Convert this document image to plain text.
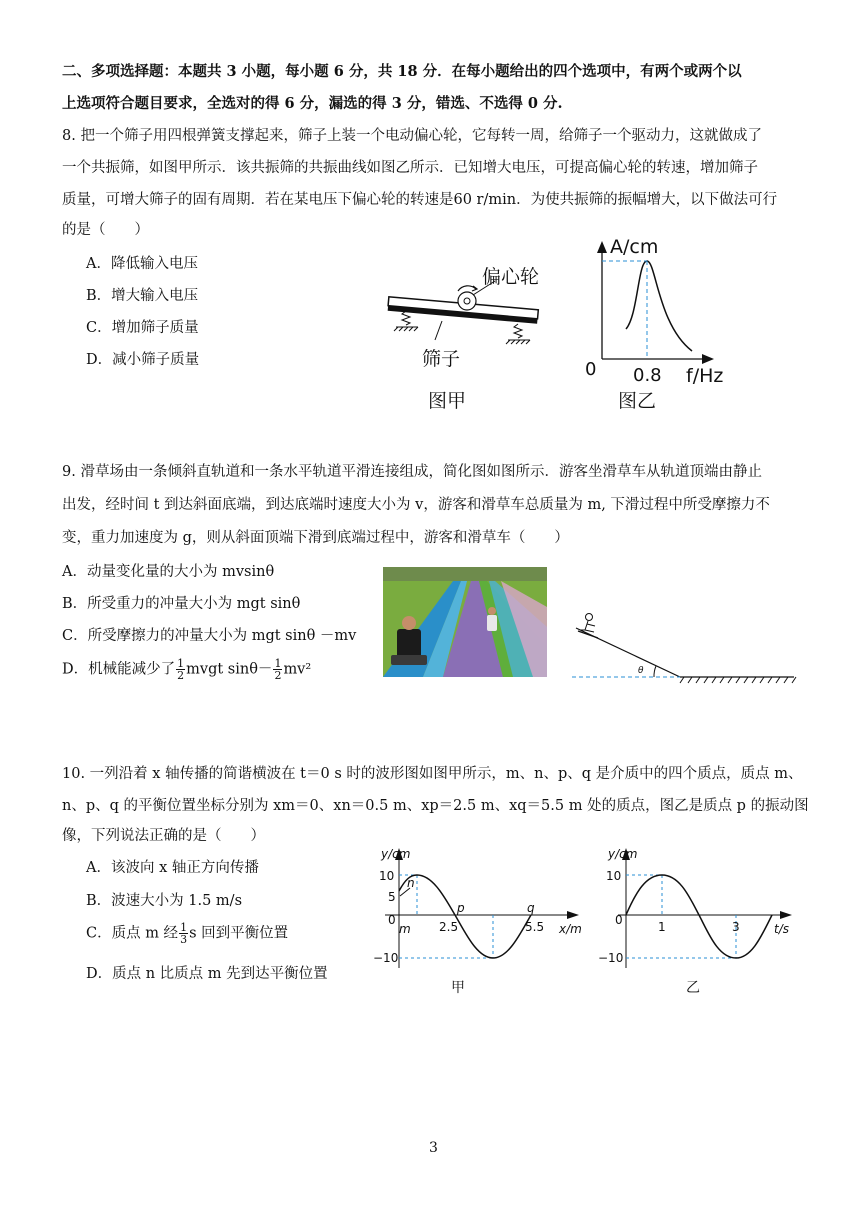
二、多项选择题：本题共 3 小题，每小题 6 分，共 18 分．在每小题给出的四个选项中，有两个或两个以
上选项符合题目要求，全选对的得 6 分，漏选的得 3 分，错选、不选得 0 分.
8. 把一个筛子用四根弹簧支撑起来，筛子上装一个电动偏心轮，它每转一周，给筛子一个驱动力，这就做成了
一个共振筛，如图甲所示．该共振筛的共振曲线如图乙所示．已知增大电压，可提高偏心轮的转速，增加筛子
质量，可增大筛子的固有周期．若在某电压下偏心轮的转速是60 r/min．为使共振筛的振幅增大，以下做法可行
的是（　　）
A．降低输入电压
B．增大输入电压
C．增加筛子质量
D．减小筛子质量
偏心轮
筛子
图甲
A/cm
0 0.8 f/Hz
图乙
9. 滑草场由一条倾斜直轨道和一条水平轨道平滑连接组成，简化图如图所示．游客坐滑草车从轨道顶端由静止
出发，经时间 t 到达斜面底端，到达底端时速度大小为 v，游客和滑草车总质量为 m, 下滑过程中所受摩擦力不
变，重力加速度为 g，则从斜面顶端下滑到底端过程中，游客和滑草车（　　）
A．动量变化量的大小为 mvsinθ
B．所受重力的冲量大小为 mgt sinθ
C．所受摩擦力的冲量大小为 mgt sinθ －mv
D．机械能减少了 $\frac{1}{2}$ mvgt $\sin\theta- \frac{1}{2} mv^2$	θ
10. 一列沿着 x 轴传播的简谐横波在 t＝0 s 时的波形图如图甲所示，m、n、p、q 是介质中的四个质点，质点 m、
n、p、q 的平衡位置坐标分别为 xm＝0、xn＝0.5 m、xp＝2.5 m、xq＝5.5 m 处的质点，图乙是质点 p 的振动图
像，下列说法正确的是（　　）
A．该波向 x 轴正方向传播
B．波速大小为 1.5 m/s
C．质点 m 经 $\frac{1}{3}$ s 回到平衡位置
D．质点 n 比质点 m 先到达平衡位置
y/cm
10
5
0
−10
n
m
p	q
2.5	5.5 x/m
甲
y/cm
10
0
−10
1	3	t/s
乙
3
